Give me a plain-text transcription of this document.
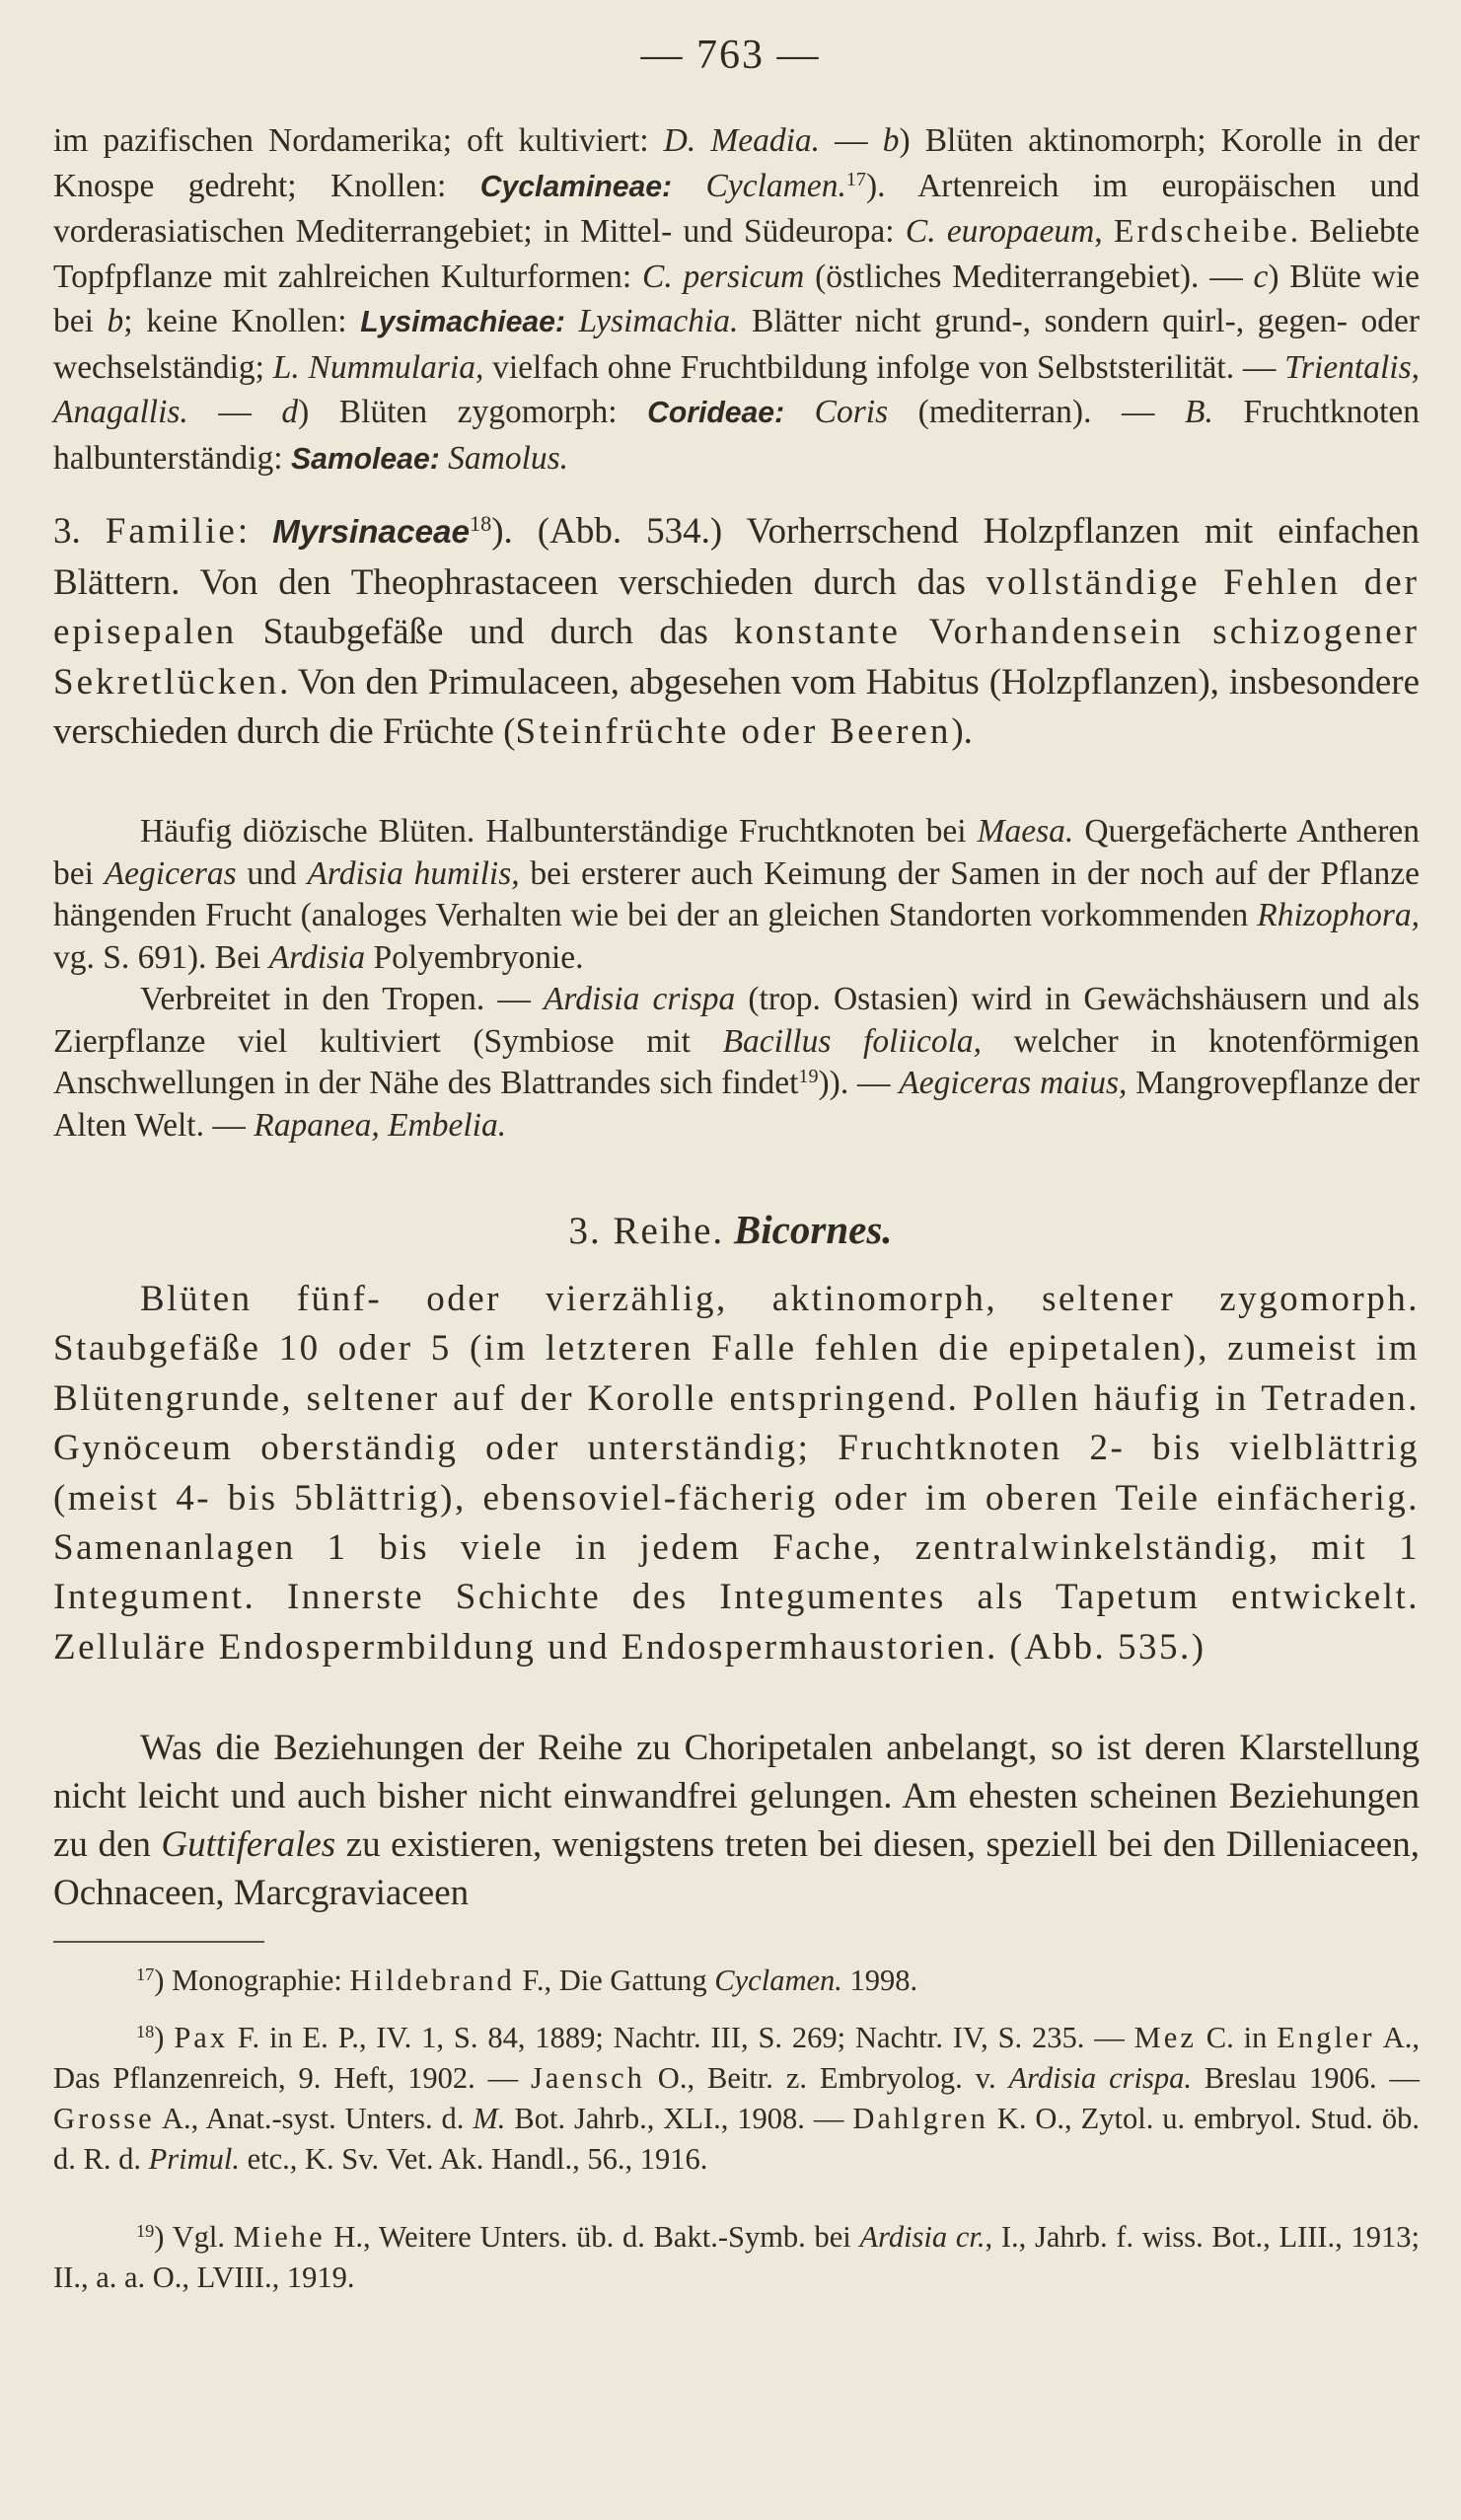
— 763 —

im pazifischen Nordamerika; oft kultiviert: D. Meadia. — b) Blüten aktinomorph; Korolle in der Knospe gedreht; Knollen: Cyclamineae: Cyclamen.$^{17}$). Artenreich im europäischen und vorderasiatischen Mediterrangebiet; in Mittel- und Südeuropa: C. europaeum, Erdscheibe. Beliebte Topfpflanze mit zahlreichen Kulturformen: C. persicum (östliches Mediterrangebiet). — c) Blüte wie bei b; keine Knollen: Lysimachieae: Lysimachia. Blätter nicht grund-, sondern quirl-, gegen- oder wechselständig; L. Nummularia, vielfach ohne Fruchtbildung infolge von Selbststerilität. — Trientalis, Anagallis. — d) Blüten zygomorph: Corideae: Coris (mediterran). — B. Fruchtknoten halbunterständig: Samoleae: Samolus.

3. Familie: Myrsinaceae$^{18}$). (Abb. 534.) Vorherrschend Holzpflanzen mit einfachen Blättern. Von den Theophrastaceen verschieden durch das vollständige Fehlen der episepalen Staubgefäße und durch das konstante Vorhandensein schizogener Sekretlücken. Von den Primulaceen, abgesehen vom Habitus (Holzpflanzen), insbesondere verschieden durch die Früchte (Steinfrüchte oder Beeren).

Häufig diözische Blüten. Halbunterständige Fruchtknoten bei Maesa. Quergefächerte Antheren bei Aegiceras und Ardisia humilis, bei ersterer auch Keimung der Samen in der noch auf der Pflanze hängenden Frucht (analoges Verhalten wie bei der an gleichen Standorten vorkommenden Rhizophora, vg. S. 691). Bei Ardisia Polyembryonie.

Verbreitet in den Tropen. — Ardisia crispa (trop. Ostasien) wird in Gewächshäusern und als Zierpflanze viel kultiviert (Symbiose mit Bacillus foliicola, welcher in knotenförmigen Anschwellungen in der Nähe des Blattrandes sich findet$^{19}$)). — Aegiceras maius, Mangrovepflanze der Alten Welt. — Rapanea, Embelia.

3. Reihe. Bicornes.

Blüten fünf- oder vierzählig, aktinomorph, seltener zygomorph. Staubgefäße 10 oder 5 (im letzteren Falle fehlen die epipetalen), zumeist im Blütengrunde, seltener auf der Korolle entspringend. Pollen häufig in Tetraden. Gynöceum oberständig oder unterständig; Fruchtknoten 2- bis vielblättrig (meist 4- bis 5blättrig), ebensoviel-fächerig oder im oberen Teile einfächerig. Samenanlagen 1 bis viele in jedem Fache, zentralwinkelständig, mit 1 Integument. Innerste Schichte des Integumentes als Tapetum entwickelt. Zelluläre Endospermbildung und Endospermhaustorien. (Abb. 535.)

Was die Beziehungen der Reihe zu Choripetalen anbelangt, so ist deren Klarstellung nicht leicht und auch bisher nicht einwandfrei gelungen. Am ehesten scheinen Beziehungen zu den Guttiferales zu existieren, wenigstens treten bei diesen, speziell bei den Dilleniaceen, Ochnaceen, Marcgraviaceen

$^{17}$) Monographie: Hildebrand F., Die Gattung Cyclamen. 1998.
$^{18}$) Pax F. in E. P., IV. 1, S. 84, 1889; Nachtr. III, S. 269; Nachtr. IV, S. 235. — Mez C. in Engler A., Das Pflanzenreich, 9. Heft, 1902. — Jaensch O., Beitr. z. Embryolog. v. Ardisia crispa. Breslau 1906. — Grosse A., Anat.-syst. Unters. d. M. Bot. Jahrb., XLI., 1908. — Dahlgren K. O., Zytol. u. embryol. Stud. öb. d. R. d. Primul. etc., K. Sv. Vet. Ak. Handl., 56., 1916.
$^{19}$) Vgl. Miehe H., Weitere Unters. üb. d. Bakt.-Symb. bei Ardisia cr., I., Jahrb. f. wiss. Bot., LIII., 1913; II., a. a. O., LVIII., 1919.
